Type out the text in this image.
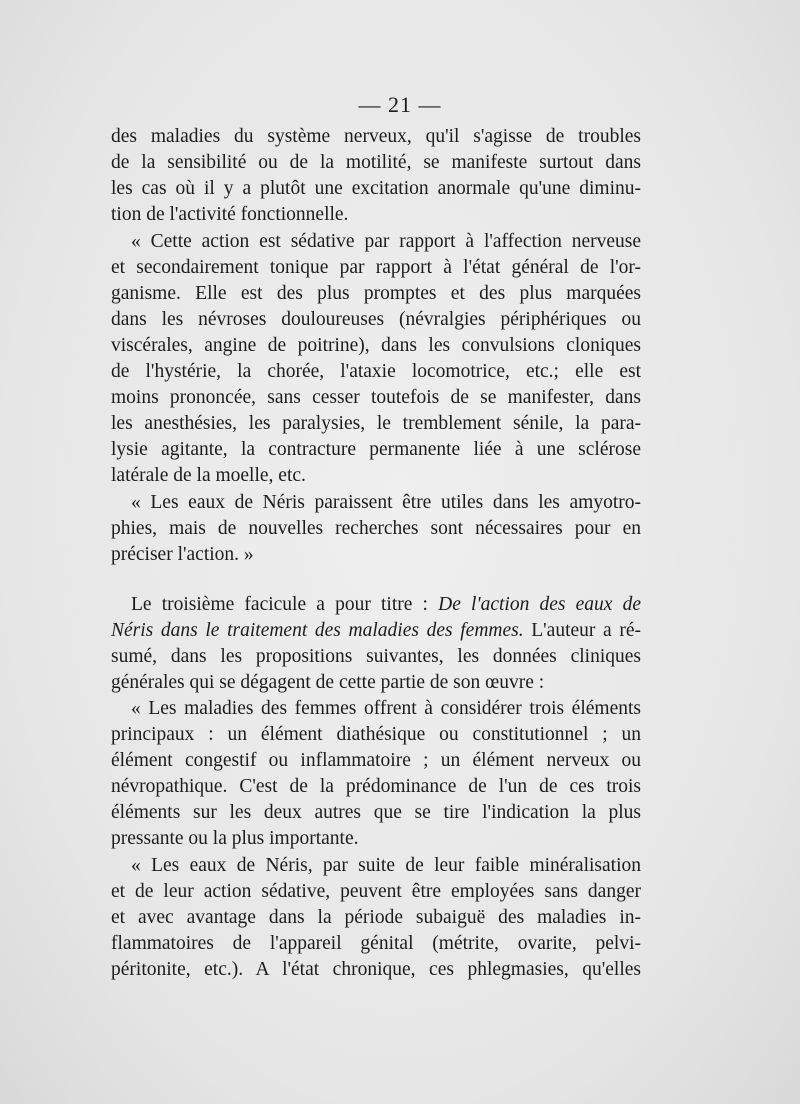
— 21 —
des maladies du système nerveux, qu'il s'agisse de troubles
de la sensibilité ou de la motilité, se manifeste surtout dans
les cas où il y a plutôt une excitation anormale qu'une diminu-
tion de l'activité fonctionnelle.
« Cette action est sédative par rapport à l'affection nerveuse
et secondairement tonique par rapport à l'état général de l'or-
ganisme. Elle est des plus promptes et des plus marquées
dans les névroses douloureuses (névralgies périphériques ou
viscérales, angine de poitrine), dans les convulsions cloniques
de l'hystérie, la chorée, l'ataxie locomotrice, etc.; elle est
moins prononcée, sans cesser toutefois de se manifester, dans
les anesthésies, les paralysies, le tremblement sénile, la para-
lysie agitante, la contracture permanente liée à une sclérose
latérale de la moelle, etc.
« Les eaux de Néris paraissent être utiles dans les amyotro-
phies, mais de nouvelles recherches sont nécessaires pour en
préciser l'action. »
Le troisième facicule a pour titre : De l'action des eaux de
Néris dans le traitement des maladies des femmes. L'auteur a ré-
sumé, dans les propositions suivantes, les données cliniques
générales qui se dégagent de cette partie de son œuvre :
« Les maladies des femmes offrent à considérer trois éléments
principaux : un élément diathésique ou constitutionnel ; un
élément congestif ou inflammatoire ; un élément nerveux ou
névropathique. C'est de la prédominance de l'un de ces trois
éléments sur les deux autres que se tire l'indication la plus
pressante ou la plus importante.
« Les eaux de Néris, par suite de leur faible minéralisation
et de leur action sédative, peuvent être employées sans danger
et avec avantage dans la période subaiguë des maladies in-
flammatoires de l'appareil génital (métrite, ovarite, pelvi-
péritonite, etc.). A l'état chronique, ces phlegmasies, qu'elles
